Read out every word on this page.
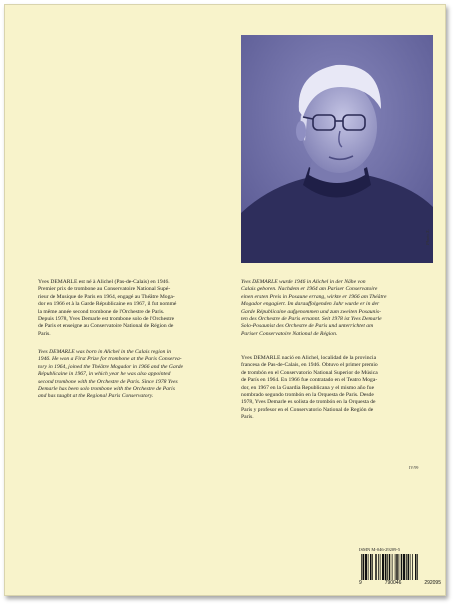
Photo X.

Yves DEMARLE est né à Alichel (Pas-de-Calais) en 1946.
Premier prix de trombone au Conservatoire National Supé-
rieur de Musique de Paris en 1964, engagé au Théâtre Moga-
dor en 1966 et à la Garde Républicaine en 1967, il fut nommé
la même année second trombone de l'Orchestre de Paris.
Depuis 1978, Yves Demarle est trombone solo de l'Orchestre
de Paris et enseigne au Conservatoire National de Région de
Paris.

Yves DEMARLE was born in Alichel in the Calais region in
1946. He won a First Prize for trombone at the Paris Conserva-
tory in 1964, joined the Théâtre Mogador in 1966 and the Garde
Républicaine in 1967, in which year he was also appointed
second trombone with the Orchestre de Paris. Since 1978 Yves
Demarle has been solo trombone with the Orchestre de Paris
and has taught at the Regional Paris Conservatory.

Yves DEMARLE wurde 1946 in Alichel in der Nähe von
Calais geboren. Nachdem er 1964 am Pariser Conservatoire
einen ersten Preis in Posaune errang, wirkte er 1966 am Théâtre
Mogador engagiert. Im darauffolgenden Jahr wurde er in der
Garde Républicaine aufgenommen und zum zweiten Posaunis-
ten des Orchestre de Paris ernannt. Seit 1978 ist Yves Demarle
Solo-Posaunist des Orchestre de Paris und unterrichtet am
Pariser Conservatoire National de Région.

Yves DEMARLE nació en Alichel, localidad de la provincia
francesa de Pas-de-Calais, en 1946. Obtuvo el primer premio
de trombón en el Conservatorio National Superior de Música
de París en 1964. En 1966 fue contratado en el Teatro Moga-
dor, en 1967 en la Guardia Republicana y el mismo año fue
nombrado segundo trombón en la Orquesta de Paris. Desde
1978, Yves Demarle es solista de trombón en la Orquesta de
París y profesor en el Conservatorio National de Región de
París.

IV/99

ISMN M-046-29209-5

9	790046	292095
